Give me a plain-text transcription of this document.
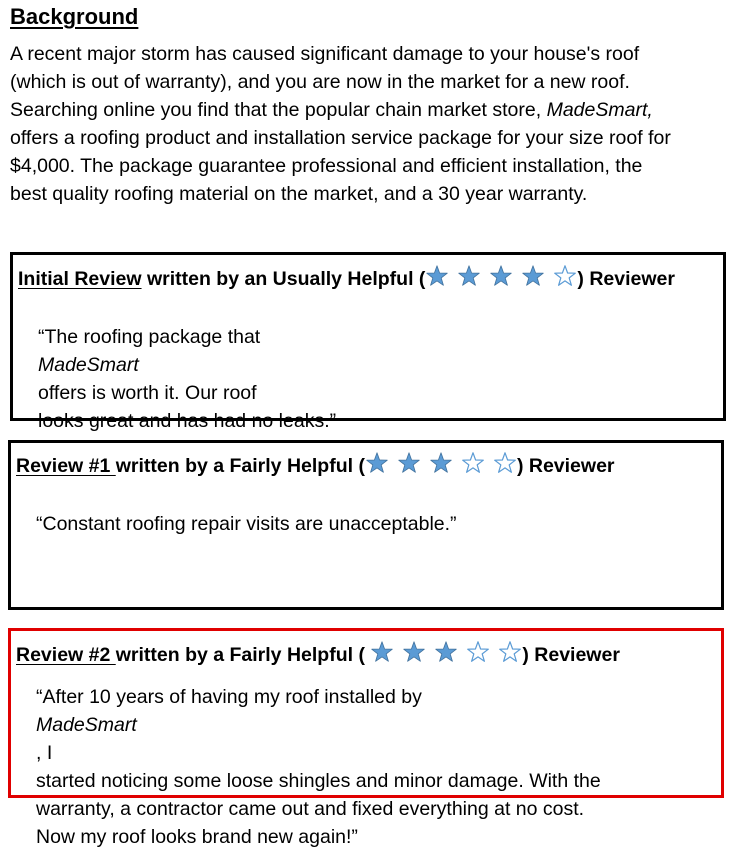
Background
A recent major storm has caused significant damage to your house's roof
(which is out of warranty), and you are now in the market for a new roof.
Searching online you find that the popular chain market store, MadeSmart,
offers a roofing product and installation service package for your size roof for
$4,000. The package guarantee professional and efficient installation, the
best quality roofing material on the market, and a 30 year warranty.
Initial Review written by an Usually Helpful (	) Reviewer
“The roofing package that
MadeSmart
offers is worth it. Our roof
looks great and has had no leaks.”
Review #1 written by a Fairly Helpful (	) Reviewer
“Constant roofing repair visits are unacceptable.”
Review #2 written by a Fairly Helpful (	) Reviewer
“After 10 years of having my roof installed by
MadeSmart
, I
started noticing some loose shingles and minor damage. With the
warranty, a contractor came out and fixed everything at no cost.
Now my roof looks brand new again!”
